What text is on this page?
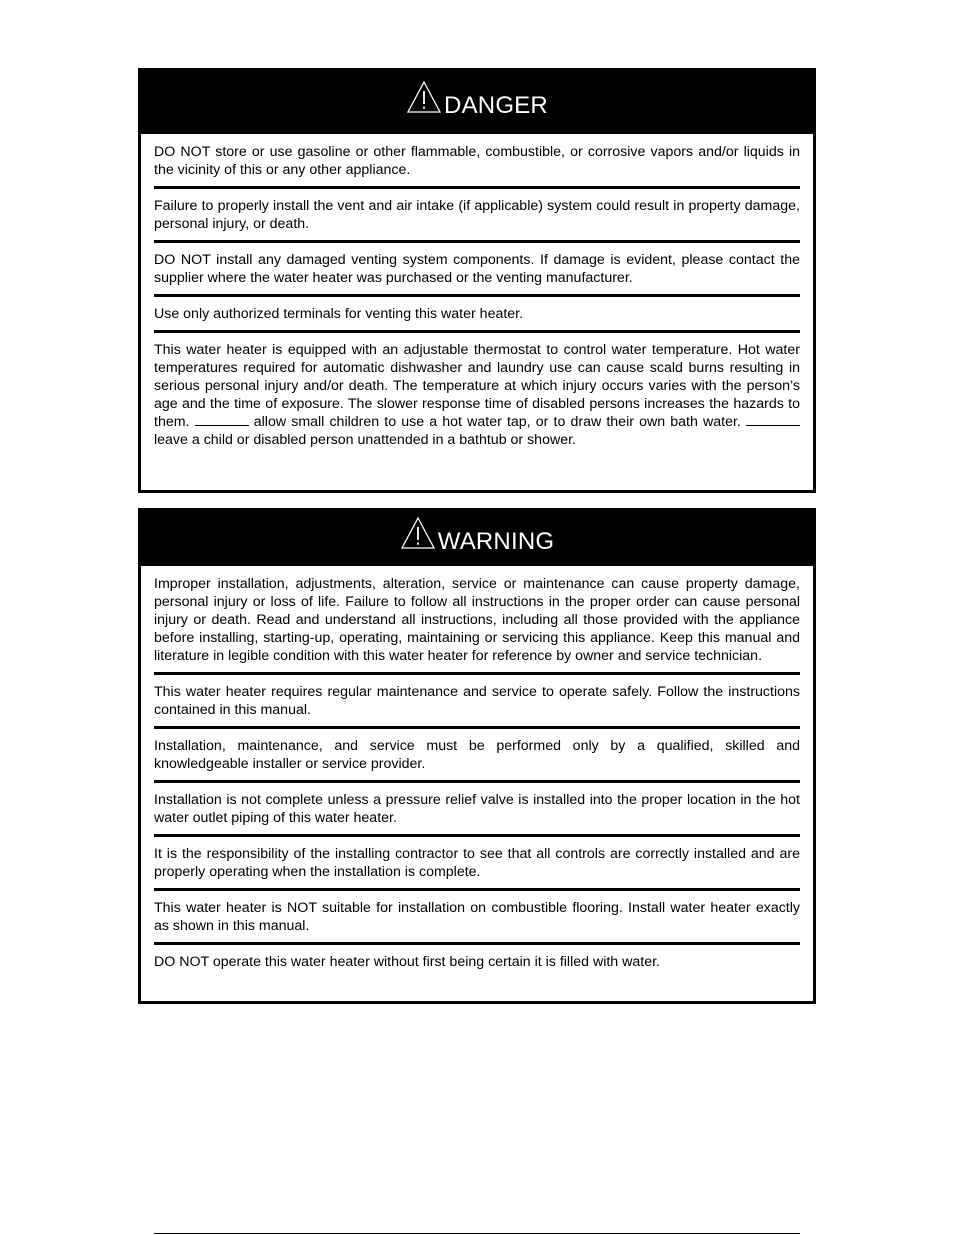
DANGER
DO NOT store or use gasoline or other flammable, combustible, or corrosive vapors and/or liquids in the vicinity of this or any other appliance.
Failure to properly install the vent and air intake (if applicable) system could result in property damage, personal injury, or death.
DO NOT install any damaged venting system components. If damage is evident, please contact the supplier where the water heater was purchased or the venting manufacturer.
Use only authorized terminals for venting this water heater.
This water heater is equipped with an adjustable thermostat to control water temperature. Hot water temperatures required for automatic dishwasher and laundry use can cause scald burns resulting in serious personal injury and/or death. The temperature at which injury occurs varies with the person’s age and the time of exposure. The slower response time of disabled persons increases the hazards to them.	allow small children to use a hot water tap, or to draw their own bath water.  leave a child or disabled person unattended in a bathtub or shower.
WARNING
Improper installation, adjustments, alteration, service or maintenance can cause property damage, personal injury or loss of life. Failure to follow all instructions in the proper order can cause personal injury or death. Read and understand all instructions, including all those provided with the appliance before installing, starting-up, operating, maintaining or servicing this appliance. Keep this manual and literature in legible condition with this water heater for reference by owner and service technician.
This water heater requires regular maintenance and service to operate safely. Follow the instructions contained in this manual.
Installation, maintenance, and service must be performed only by a qualified, skilled and knowledgeable installer or service provider.
Installation is not complete unless a pressure relief valve is installed into the proper location in the hot water outlet piping of this water heater.
It is the responsibility of the installing contractor to see that all controls are correctly installed and are properly operating when the installation is complete.
This water heater is NOT suitable for installation on combustible flooring. Install water heater exactly as shown in this manual.
DO NOT operate this water heater without first being certain it is filled with water.
